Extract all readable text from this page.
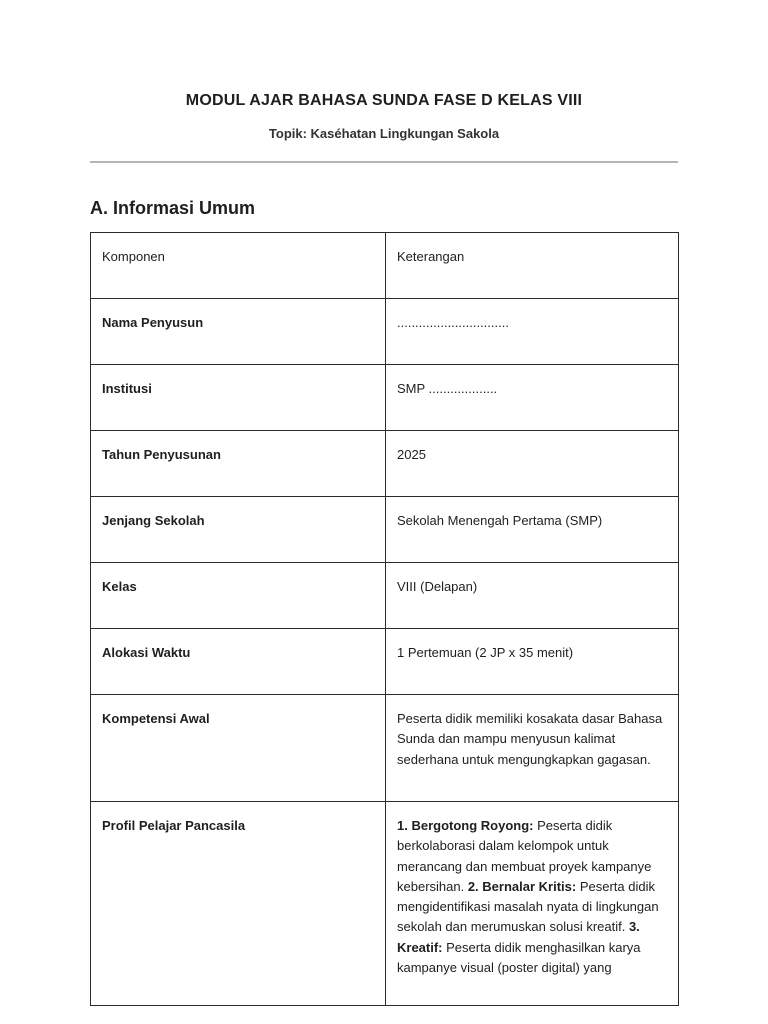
MODUL AJAR BAHASA SUNDA FASE D KELAS VIII
Topik: Kaséhatan Lingkungan Sakola
A. Informasi Umum
Komponen	Keterangan
Nama Penyusun	...............................
Institusi	SMP ...................
Tahun Penyusunan	2025
Jenjang Sekolah	Sekolah Menengah Pertama (SMP)
Kelas	VIII (Delapan)
Alokasi Waktu	1 Pertemuan (2 JP x 35 menit)
Kompetensi Awal	Peserta didik memiliki kosakata dasar Bahasa Sunda dan mampu menyusun kalimat sederhana untuk mengungkapkan gagasan.
Profil Pelajar Pancasila	1. Bergotong Royong: Peserta didik berkolaborasi dalam kelompok untuk merancang dan membuat proyek kampanye kebersihan. 2. Bernalar Kritis: Peserta didik mengidentifikasi masalah nyata di lingkungan sekolah dan merumuskan solusi kreatif. 3. Kreatif: Peserta didik menghasilkan karya kampanye visual (poster digital) yang
